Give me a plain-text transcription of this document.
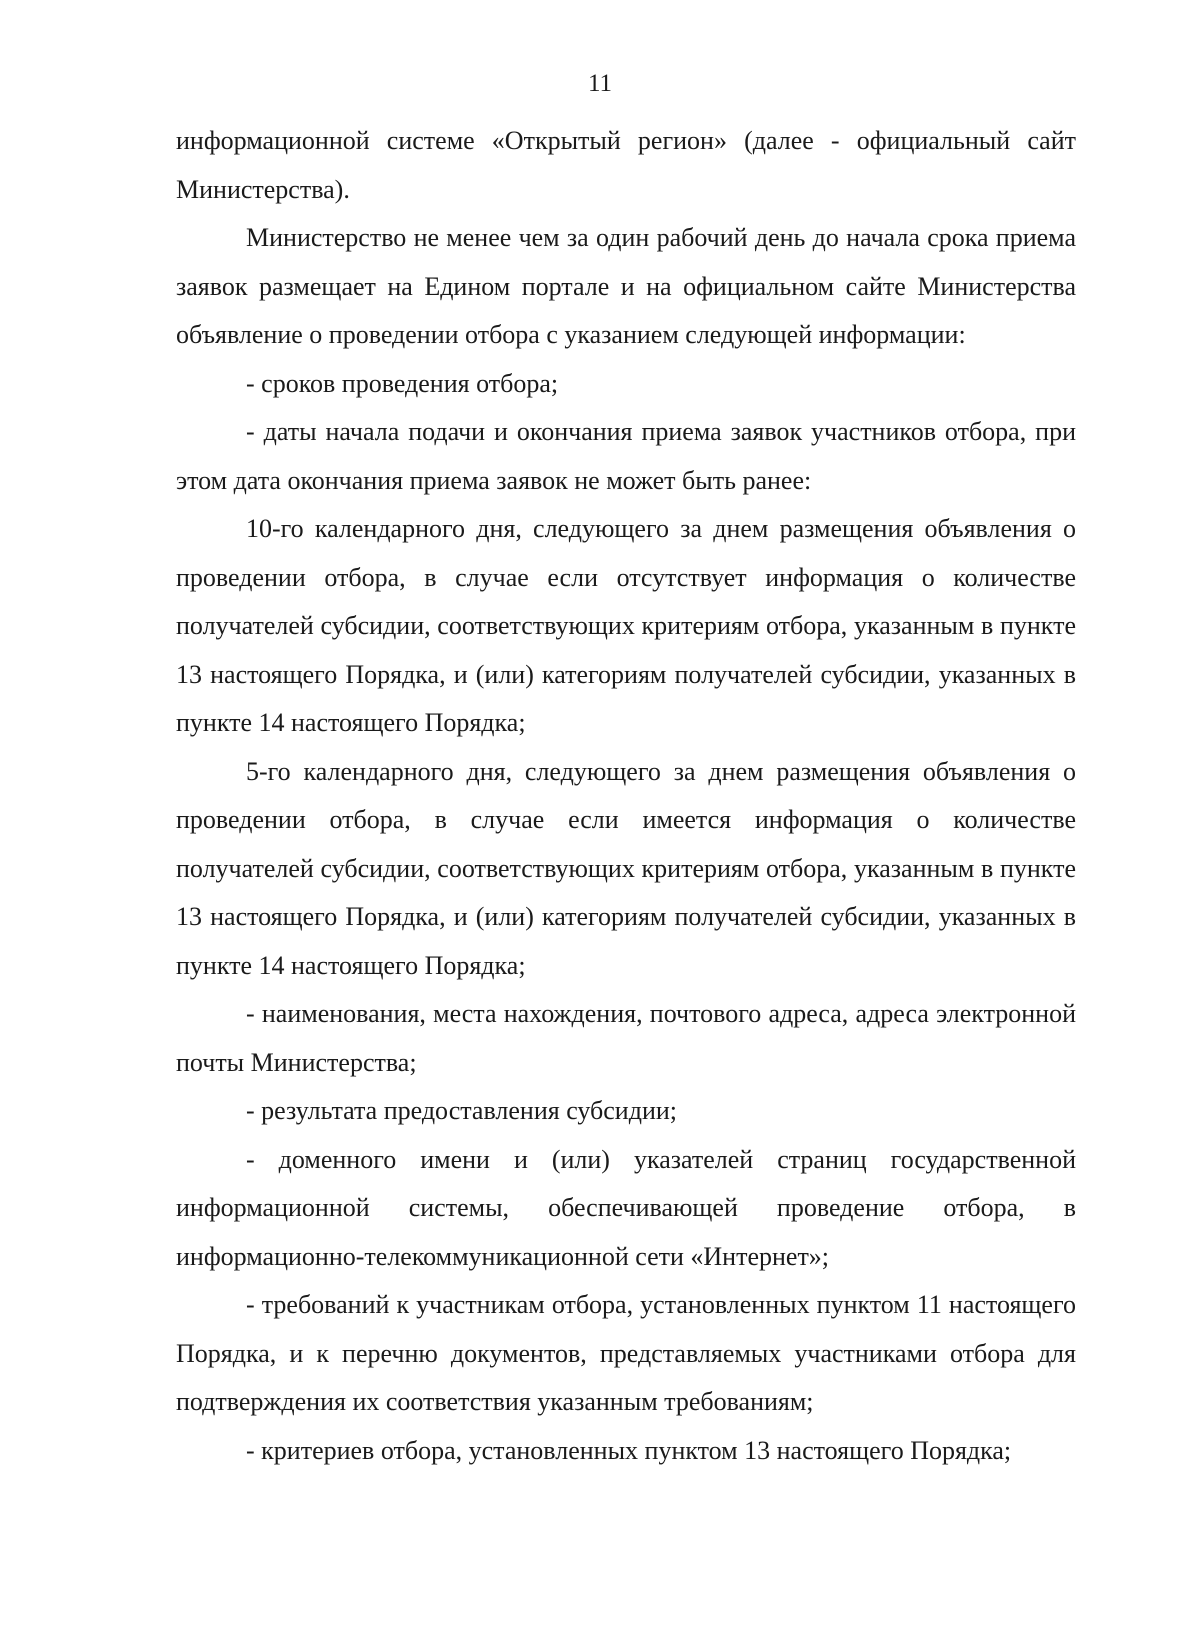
11

информационной системе «Открытый регион» (далее - официальный сайт Министерства).

Министерство не менее чем за один рабочий день до начала срока приема заявок размещает на Едином портале и на официальном сайте Министерства объявление о проведении отбора с указанием следующей информации:

- сроков проведения отбора;

- даты начала подачи и окончания приема заявок участников отбора, при этом дата окончания приема заявок не может быть ранее:

10-го календарного дня, следующего за днем размещения объявления о проведении отбора, в случае если отсутствует информация о количестве получателей субсидии, соответствующих критериям отбора, указанным в пункте 13 настоящего Порядка, и (или) категориям получателей субсидии, указанных в пункте 14 настоящего Порядка;

5-го календарного дня, следующего за днем размещения объявления о проведении отбора, в случае если имеется информация о количестве получателей субсидии, соответствующих критериям отбора, указанным в пункте 13 настоящего Порядка, и (или) категориям получателей субсидии, указанных в пункте 14 настоящего Порядка;

- наименования, места нахождения, почтового адреса, адреса электронной почты Министерства;

- результата предоставления субсидии;

- доменного имени и (или) указателей страниц государственной информационной системы, обеспечивающей проведение отбора, в информационно-телекоммуникационной сети «Интернет»;

- требований к участникам отбора, установленных пунктом 11 настоящего Порядка, и к перечню документов, представляемых участниками отбора для подтверждения их соответствия указанным требованиям;

- критериев отбора, установленных пунктом 13 настоящего Порядка;
